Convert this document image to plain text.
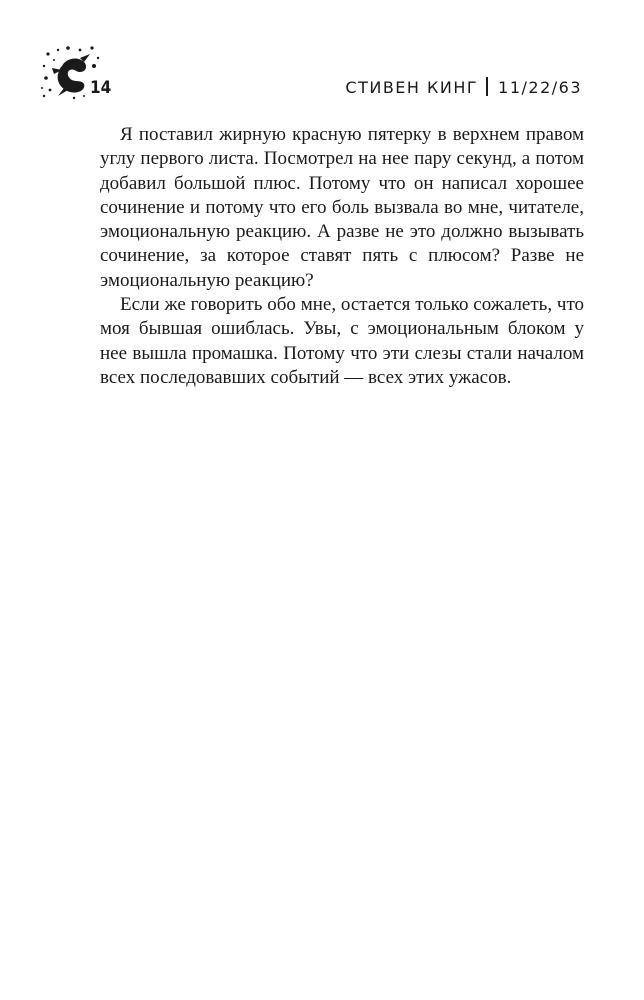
14	СТИВЕН КИНГ 11/22/63

Я поставил жирную красную пятерку в верхнем правом углу первого листа. Посмотрел на нее пару секунд, а потом добавил большой плюс. Потому что он написал хорошее сочинение и потому что его боль вызвала во мне, читателе, эмоциональную реакцию. А разве не это должно вызывать сочинение, за которое ставят пять с плюсом? Разве не эмоциональную реакцию?

Если же говорить обо мне, остается только сожалеть, что моя бывшая ошиблась. Увы, с эмоциональным блоком у нее вышла промашка. Потому что эти слезы стали началом всех последовавших событий — всех этих ужасов.
